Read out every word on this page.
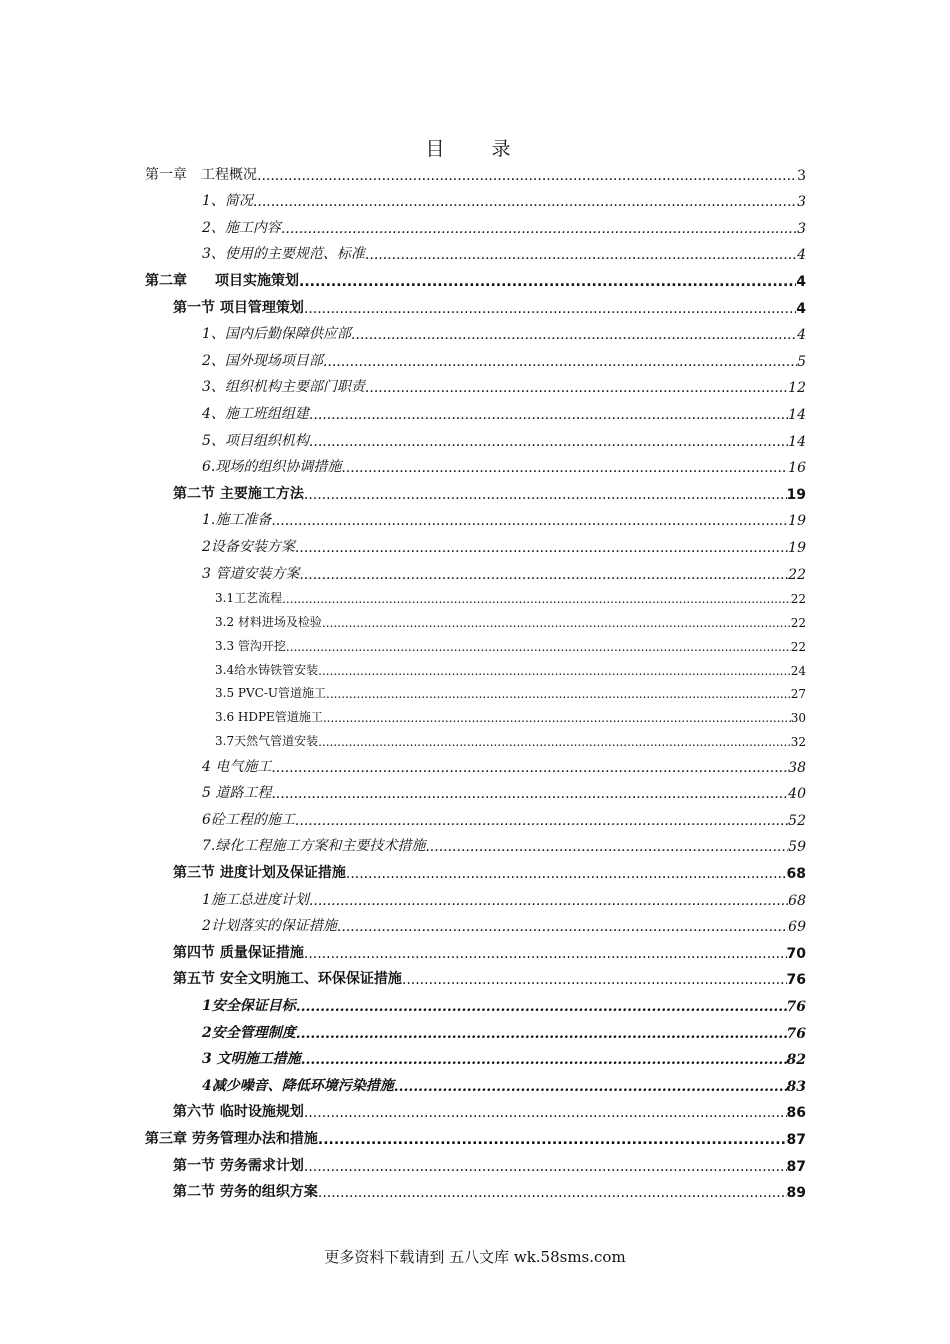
目　录
第一章　工程概况 .....	3
1、简况 .....	3
2、施工内容 .....	3
3、使用的主要规范、标准 .....	4
第二章　　项目实施策划 .....	4
第一节 项目管理策划 .....	4
1、国内后勤保障供应部 .....	4
2、国外现场项目部 .....	5
3、组织机构主要部门职责 .....	12
4、施工班组组建 .....	14
5、项目组织机构 .....	14
6.现场的组织协调措施 .....	16
第二节 主要施工方法 .....	19
1.施工准备 .....	19
2设备安装方案 .....	19
3 管道安装方案 .....	22
3.1工艺流程 .....	22
3.2 材料进场及检验 .....	22
3.3 管沟开挖 .....	22
3.4给水铸铁管安装 .....	24
3.5 PVC-U管道施工 .....	27
3.6 HDPE管道施工 .....	30
3.7天然气管道安装 .....	32
4 电气施工 .....	38
5 道路工程 .....	40
6砼工程的施工 .....	52
7.绿化工程施工方案和主要技术措施 .....	59
第三节 进度计划及保证措施 .....	68
1施工总进度计划 .....	68
2计划落实的保证措施 .....	69
第四节 质量保证措施 .....	70
第五节 安全文明施工、环保保证措施 .....	76
1安全保证目标 .....	76
2安全管理制度 .....	76
3 文明施工措施 .....	82
4减少噪音、降低环境污染措施 .....	83
第六节 临时设施规划 .....	86
第三章 劳务管理办法和措施 .....	87
第一节 劳务需求计划 .....	87
第二节 劳务的组织方案 .....	89
更多资料下载请到 五八文库 wk.58sms.com
